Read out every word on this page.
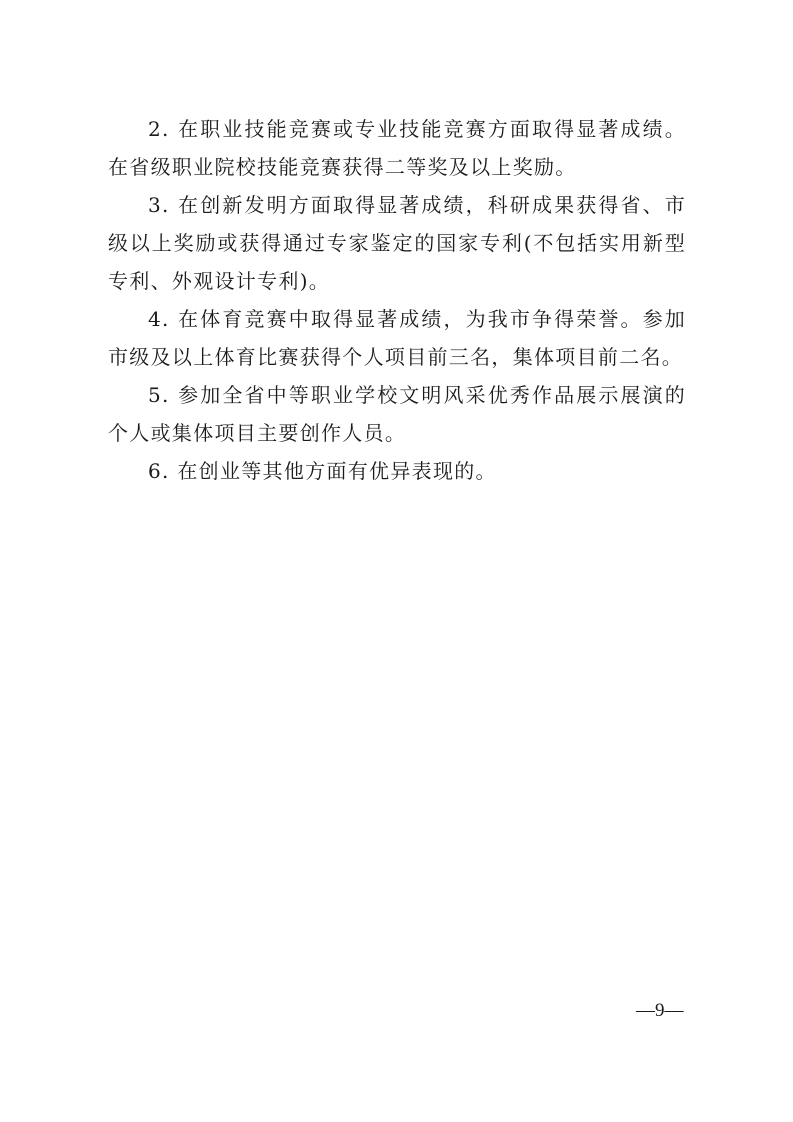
2. 在职业技能竞赛或专业技能竞赛方面取得显著成绩。在省级职业院校技能竞赛获得二等奖及以上奖励。

3. 在创新发明方面取得显著成绩，科研成果获得省、市级以上奖励或获得通过专家鉴定的国家专利(不包括实用新型专利、外观设计专利)。

4. 在体育竞赛中取得显著成绩，为我市争得荣誉。参加市级及以上体育比赛获得个人项目前三名，集体项目前二名。

5. 参加全省中等职业学校文明风采优秀作品展示展演的个人或集体项目主要创作人员。

6. 在创业等其他方面有优异表现的。

—9—
